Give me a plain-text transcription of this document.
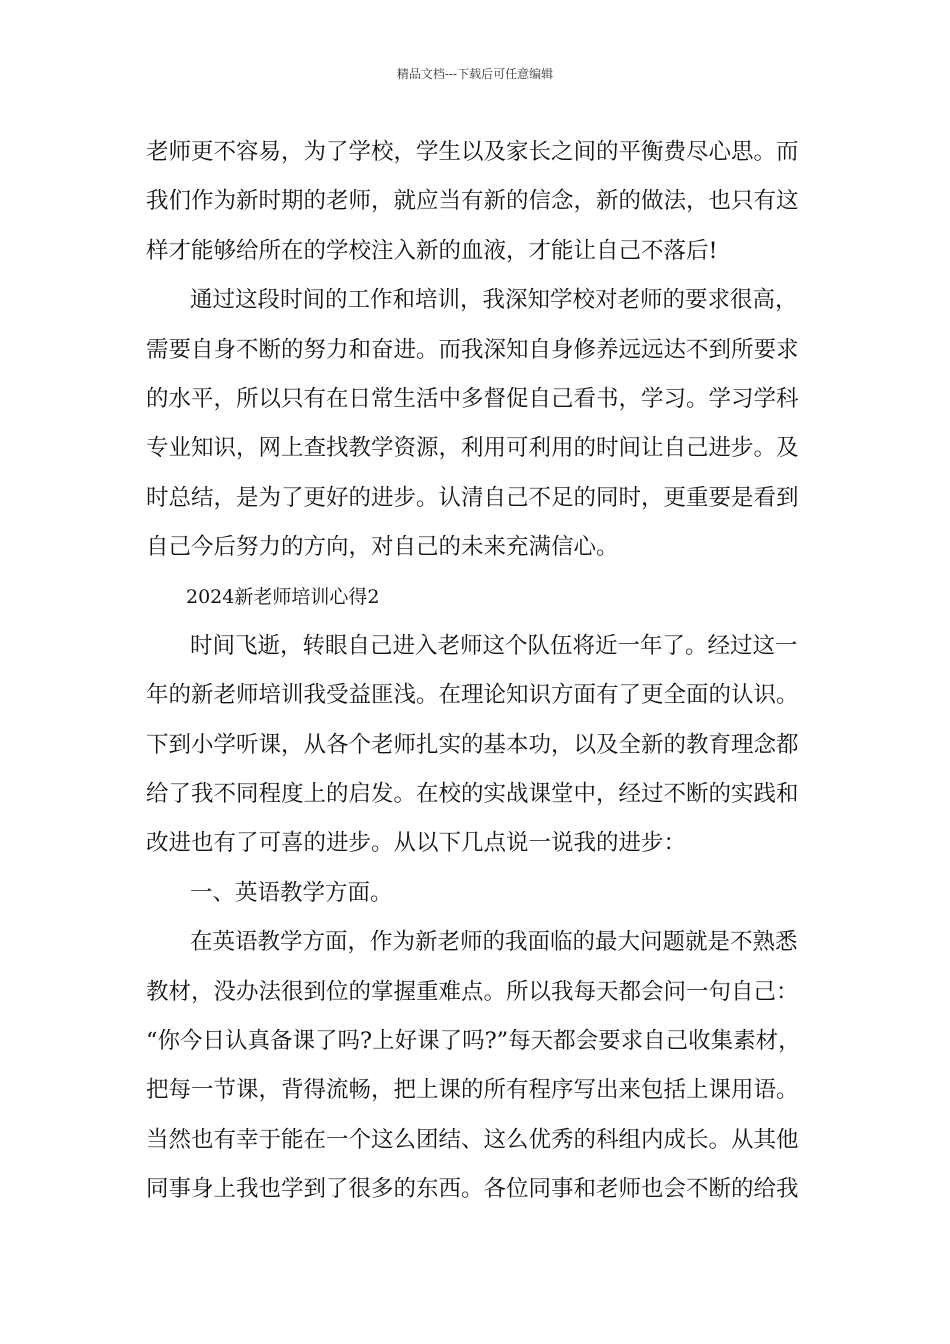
精品文档---下载后可任意编辑
老师更不容易，为了学校，学生以及家长之间的平衡费尽心思。而
我们作为新时期的老师，就应当有新的信念，新的做法，也只有这
样才能够给所在的学校注入新的血液，才能让自己不落后!
通过这段时间的工作和培训，我深知学校对老师的要求很高，
需要自身不断的努力和奋进。而我深知自身修养远远达不到所要求
的水平，所以只有在日常生活中多督促自己看书，学习。学习学科
专业知识，网上查找教学资源，利用可利用的时间让自己进步。及
时总结，是为了更好的进步。认清自己不足的同时，更重要是看到
自己今后努力的方向，对自己的未来充满信心。
2024新老师培训心得2
时间飞逝，转眼自己进入老师这个队伍将近一年了。经过这一
年的新老师培训我受益匪浅。在理论知识方面有了更全面的认识。
下到小学听课，从各个老师扎实的基本功，以及全新的教育理念都
给了我不同程度上的启发。在校的实战课堂中，经过不断的实践和
改进也有了可喜的进步。从以下几点说一说我的进步：
一、英语教学方面。
在英语教学方面，作为新老师的我面临的最大问题就是不熟悉
教材，没办法很到位的掌握重难点。所以我每天都会问一句自己：
“你今日认真备课了吗?上好课了吗?”每天都会要求自己收集素材，
把每一节课，背得流畅，把上课的所有程序写出来包括上课用语。
当然也有幸于能在一个这么团结、这么优秀的科组内成长。从其他
同事身上我也学到了很多的东西。各位同事和老师也会不断的给我
